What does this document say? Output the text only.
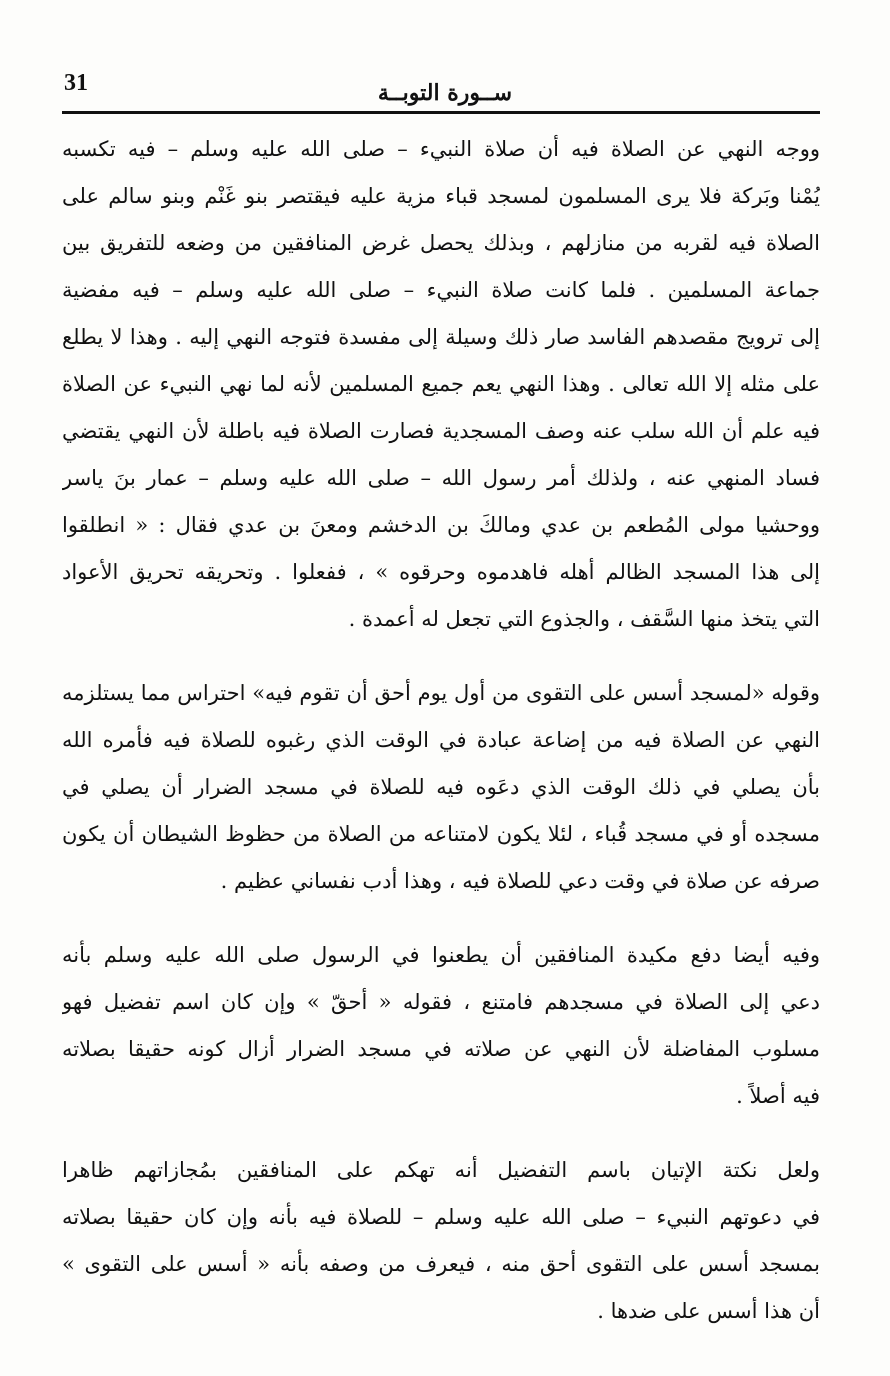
31	ســورة التوبــة
ووجه النهي عن الصلاة فيه أن صلاة النبيء – صلى الله عليه وسلم – فيه تكسبه
يُمْنا وبَركة فلا يرى المسلمون لمسجد قباء مزية عليه فيقتصر بنو غَنْم وبنو سالم على
الصلاة فيه لقربه من منازلهم ، وبذلك يحصل غرض المنافقين من وضعه للتفريق بين
جماعة المسلمين . فلما كانت صلاة النبيء – صلى الله عليه وسلم – فيه مفضية
إلى ترويج مقصدهم الفاسد صار ذلك وسيلة إلى مفسدة فتوجه النهي إليه . وهذا لا يطلع
على مثله إلا الله تعالى . وهذا النهي يعم جميع المسلمين لأنه لما نهي النبيء عن الصلاة
فيه علم أن الله سلب عنه وصف المسجدية فصارت الصلاة فيه باطلة لأن النهي يقتضي
فساد المنهي عنه ، ولذلك أمر رسول الله – صلى الله عليه وسلم – عمار بنَ ياسر
ووحشيا مولى المُطعم بن عدي ومالكَ بن الدخشم ومعنَ بن عدي فقال : « انطلقوا
إلى هذا المسجد الظالم أهله فاهدموه وحرقوه » ، ففعلوا . وتحريقه تحريق الأعواد
التي يتخذ منها السَّقف ، والجذوع التي تجعل له أعمدة .
وقوله «لمسجد أسس على التقوى من أول يوم أحق أن تقوم فيه» احتراس مما يستلزمه
النهي عن الصلاة فيه من إضاعة عبادة في الوقت الذي رغبوه للصلاة فيه فأمره الله
بأن يصلي في ذلك الوقت الذي دعَوه فيه للصلاة في مسجد الضرار أن يصلي في
مسجده أو في مسجد قُباء ، لئلا يكون لامتناعه من الصلاة من حظوظ الشيطان أن يكون
صرفه عن صلاة في وقت دعي للصلاة فيه ، وهذا أدب نفساني عظيم .
وفيه أيضا دفع مكيدة المنافقين أن يطعنوا في الرسول صلى الله عليه وسلم بأنه
دعي إلى الصلاة في مسجدهم فامتنع ، فقوله « أحقّ » وإن كان اسم تفضيل فهو
مسلوب المفاضلة لأن النهي عن صلاته في مسجد الضرار أزال كونه حقيقا بصلاته
فيه أصلاً .
ولعل نكتة الإتيان باسم التفضيل أنه تهكم على المنافقين بمُجازاتهم ظاهرا
في دعوتهم النبيء – صلى الله عليه وسلم – للصلاة فيه بأنه وإن كان حقيقا بصلاته
بمسجد أسس على التقوى أحق منه ، فيعرف من وصفه بأنه « أسس على التقوى »
أن هذا أسس على ضدها .
